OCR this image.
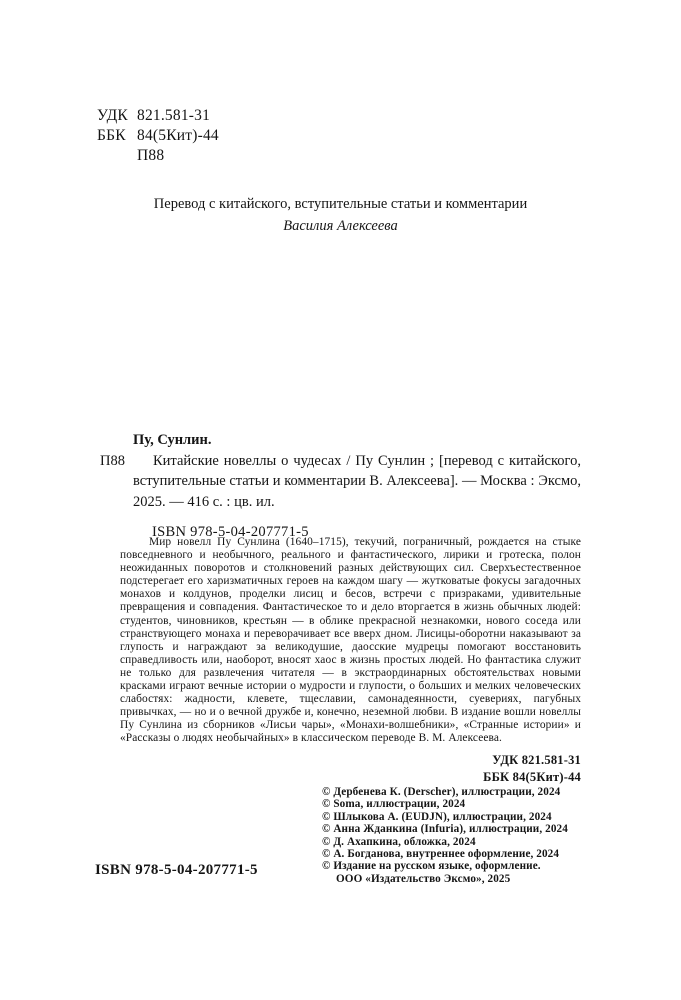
УДК 821.581-31
ББК 84(5Кит)-44
П88
Перевод с китайского, вступительные статьи и комментарии
Василия Алексеева
Пу, Сунлин.
П88	Китайские новеллы о чудесах / Пу Сунлин ; [перевод с китайского, вступительные статьи и комментарии В. Алексеева]. — Москва : Эксмо, 2025. — 416 с. : цв. ил.
ISBN 978-5-04-207771-5
Мир новелл Пу Сунлина (1640–1715), текучий, пограничный, рождается на стыке повседневного и необычного, реального и фантастического, лирики и гротеска, полон неожиданных поворотов и столкновений разных действующих сил. Сверхъестественное подстерегает его харизматичных героев на каждом шагу — жутковатые фокусы загадочных монахов и колдунов, проделки лисиц и бесов, встречи с призраками, удивительные превращения и совпадения. Фантастическое то и дело вторгается в жизнь обычных людей: студентов, чиновников, крестьян — в облике прекрасной незнакомки, нового соседа или странствующего монаха и переворачивает все вверх дном. Лисицы-оборотни наказывают за глупость и награждают за великодушие, даосские мудрецы помогают восстановить справедливость или, наоборот, вносят хаос в жизнь простых людей. Но фантастика служит не только для развлечения читателя — в экстраординарных обстоятельствах новыми красками играют вечные истории о мудрости и глупости, о больших и мелких человеческих слабостях: жадности, клевете, тщеславии, самонадеянности, суевериях, пагубных привычках, — но и о вечной дружбе и, конечно, неземной любви. В издание вошли новеллы Пу Сунлина из сборников «Лисьи чары», «Монахи-волшебники», «Странные истории» и «Рассказы о людях необычайных» в классическом переводе В. М. Алексеева.
УДК 821.581-31
ББК 84(5Кит)-44
© Дербенева К. (Derscher), иллюстрации, 2024
© Soma, иллюстрации, 2024
© Шлыкова А. (EUDJN), иллюстрации, 2024
© Анна Жданкина (Infuria), иллюстрации, 2024
© Д. Ахапкина, обложка, 2024
© А. Богданова, внутреннее оформление, 2024
© Издание на русском языке, оформление.
ООО «Издательство Эксмо», 2025
ISBN 978-5-04-207771-5
